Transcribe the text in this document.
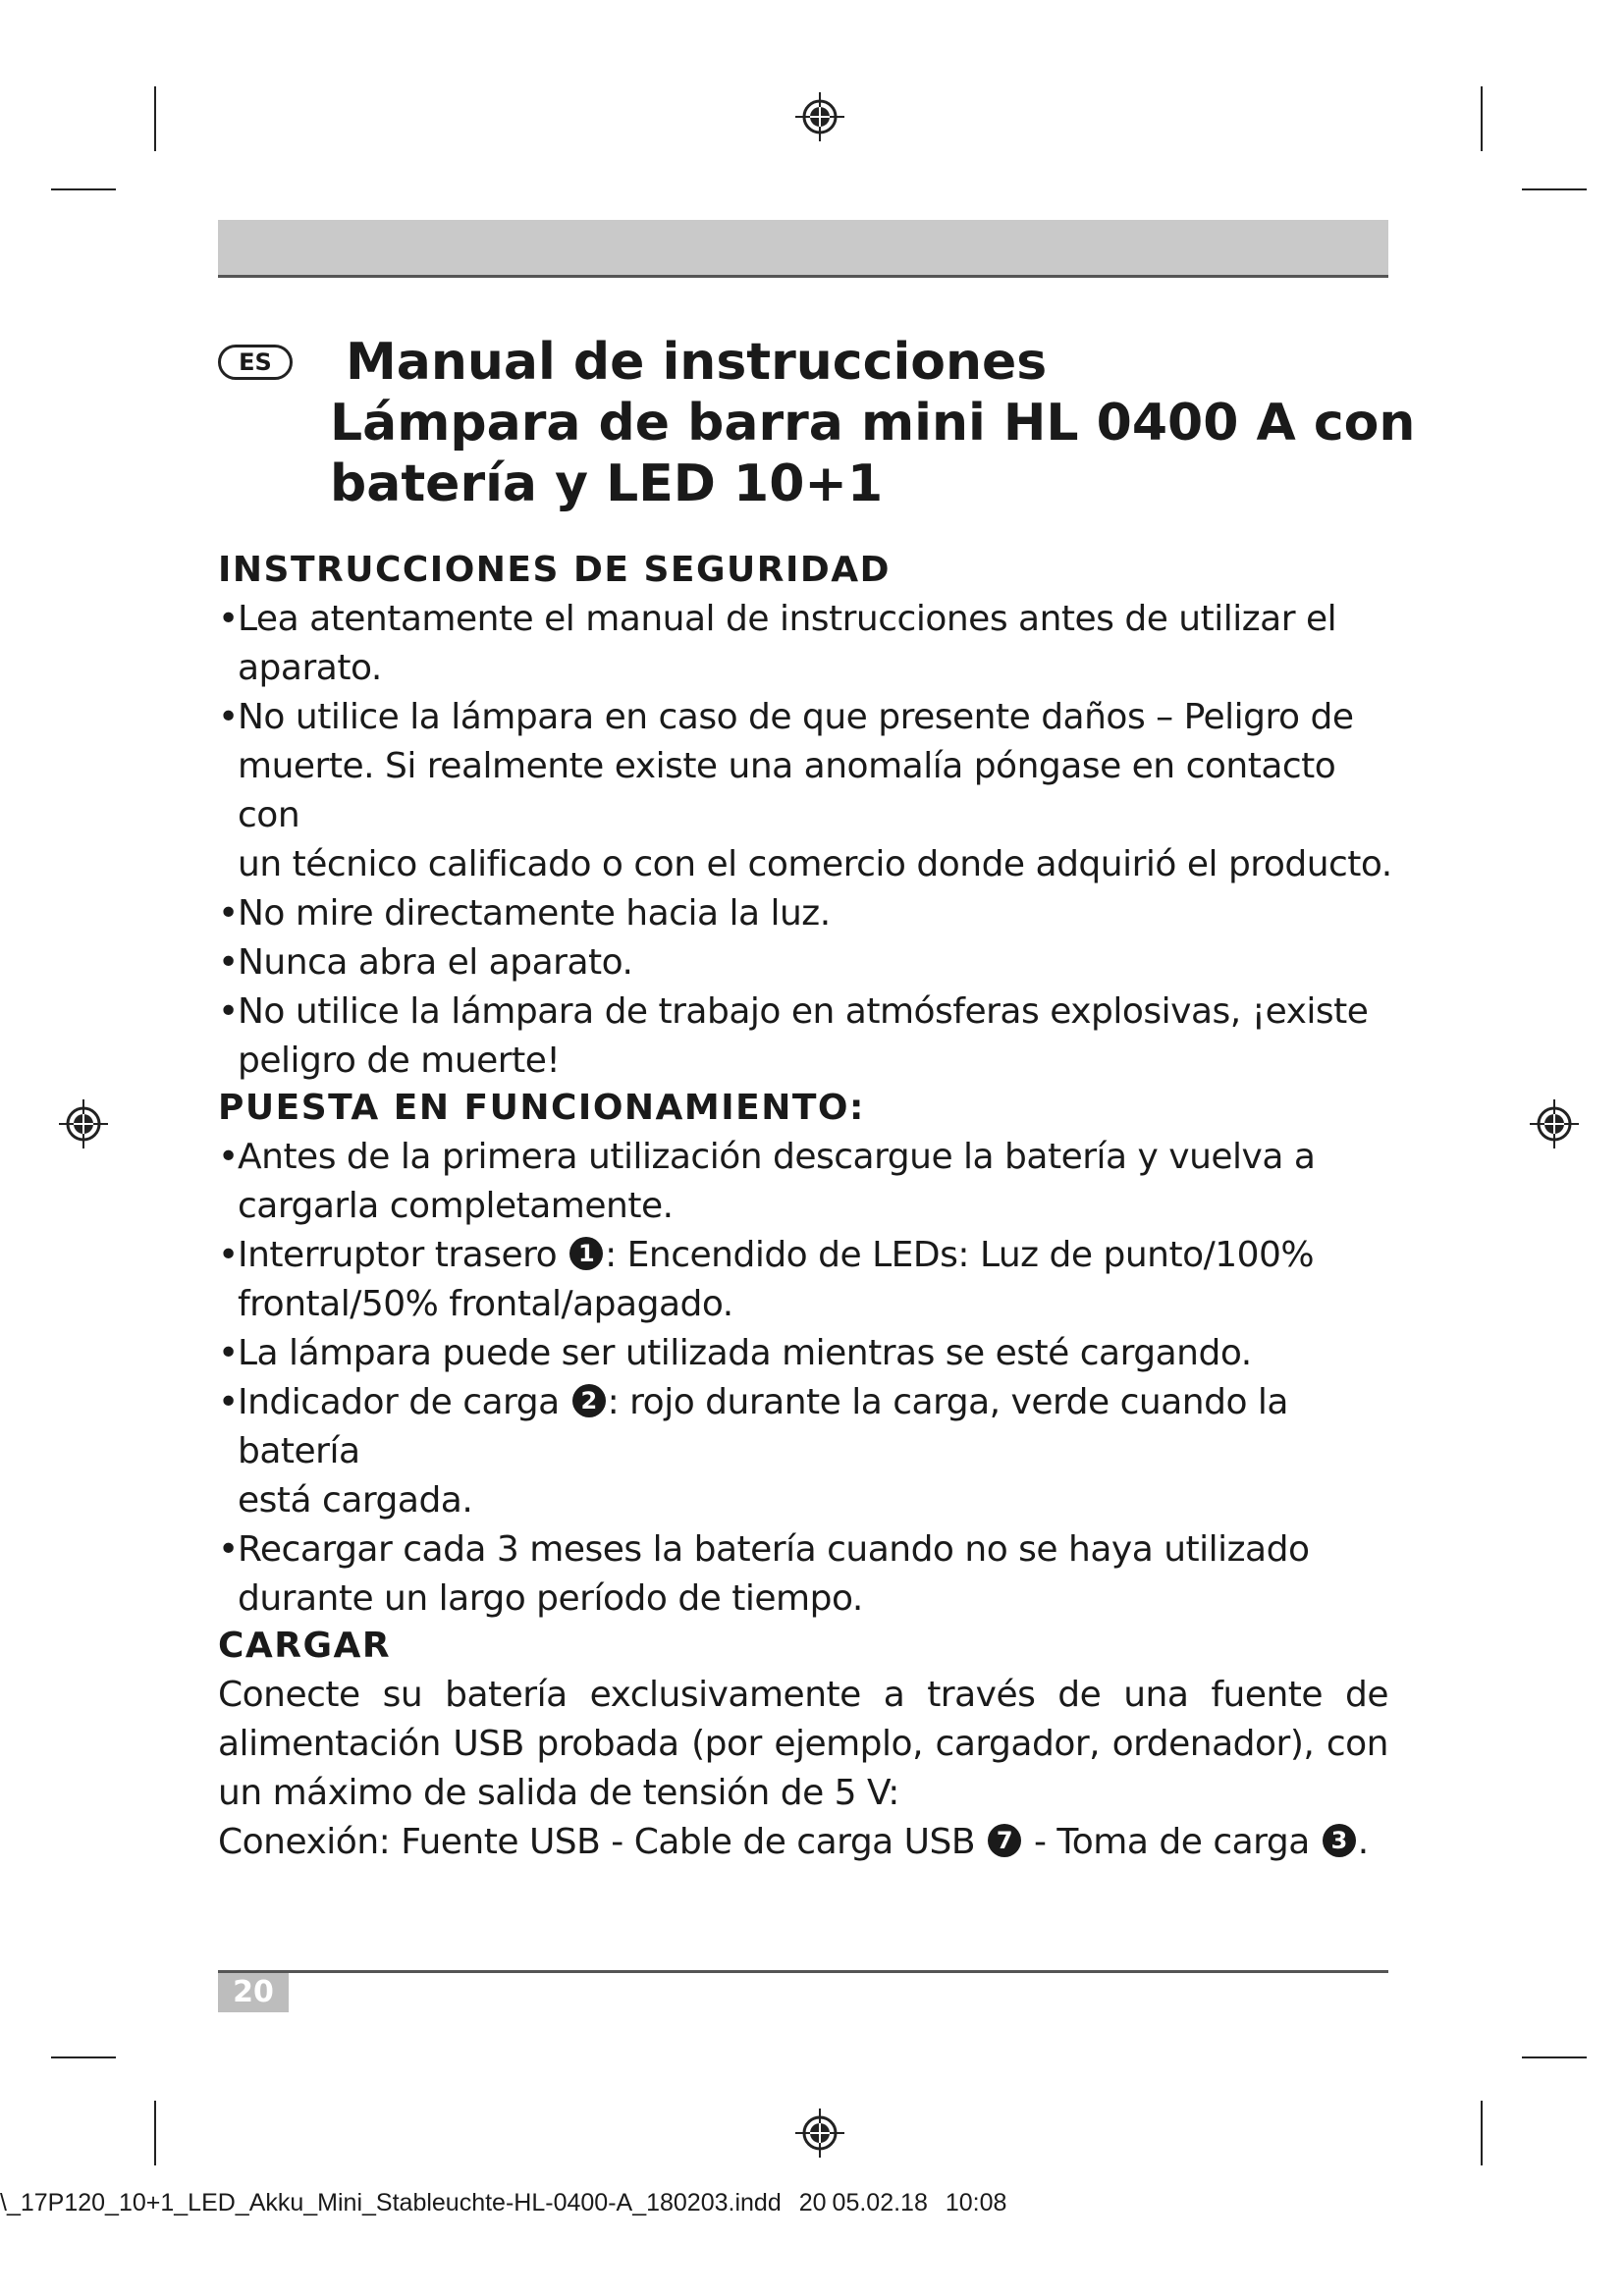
ES	Manual de instrucciones
Lámpara de barra mini HL 0400 A con
batería y LED 10+1
INSTRUCCIONES DE SEGURIDAD
• Lea atentamente el manual de instrucciones antes de utilizar el
aparato.
• No utilice la lámpara en caso de que presente daños – Peligro de
muerte. Si realmente existe una anomalía póngase en contacto con
un técnico calificado o con el comercio donde adquirió el producto.
• No mire directamente hacia la luz.
• Nunca abra el aparato.
• No utilice la lámpara de trabajo en atmósferas explosivas, ¡existe
peligro de muerte!
PUESTA EN FUNCIONAMIENTO:
• Antes de la primera utilización descargue la batería y vuelva a
cargarla completamente.
• Interruptor trasero 1 : Encendido de LEDs: Luz de punto/100%
frontal/50% frontal/apagado.
• La lámpara puede ser utilizada mientras se esté cargando.
• Indicador de carga 2 : rojo durante la carga, verde cuando la batería
está cargada.
• Recargar cada 3 meses la batería cuando no se haya utilizado
durante un largo período de tiempo.
CARGAR

Conecte su batería exclusivamente a través de una fuente de

alimentación USB probada (por ejemplo, cargador, ordenador), con

un máximo de salida de tensión de 5 V:

Conexión: Fuente USB - Cable de carga USB 7 - Toma de carga 3 .

20
\_17P120_10+1_LED_Akku_Mini_Stableuchte-HL-0400-A_180203.indd 20 05.02.18 10:08
